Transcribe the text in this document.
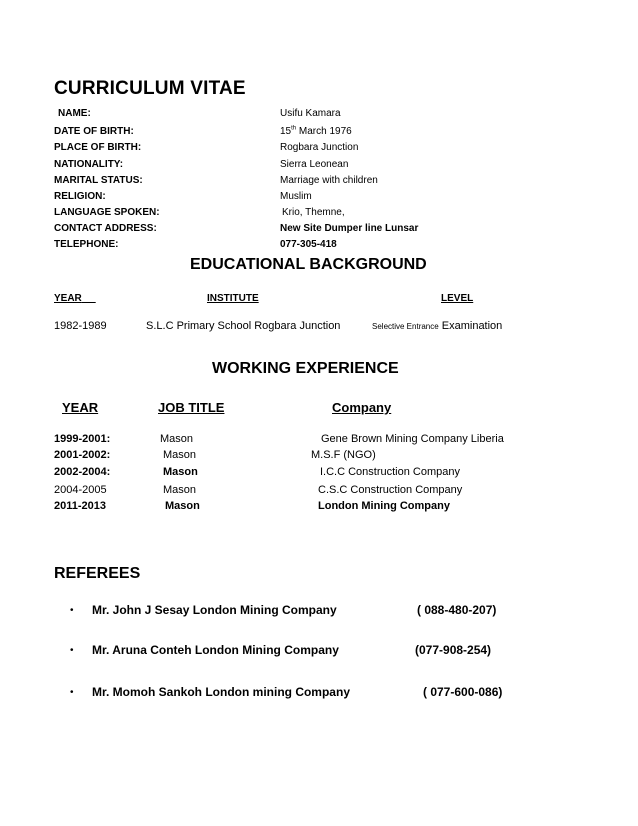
CURRICULUM VITAE
NAME:	Usifu Kamara
DATE OF BIRTH:	15th March 1976
PLACE OF BIRTH:	Rogbara Junction
NATIONALITY:	Sierra Leonean
MARITAL STATUS:	Marriage with children
RELIGION:	Muslim
LANGUAGE SPOKEN:	Krio, Themne,
CONTACT ADDRESS:	New Site Dumper line Lunsar
TELEPHONE:	077-305-418
EDUCATIONAL BACKGROUND
YEAR	INSTITUTE	LEVEL
1982-1989	S.L.C Primary School Rogbara Junction	Selective Entrance Examination
WORKING EXPERIENCE
YEAR	JOB TITLE	Company
1999-2001:	Mason	Gene Brown Mining Company Liberia
2001-2002:	Mason	M.S.F (NGO)
2002-2004:	Mason	I.C.C Construction Company
2004-2005	Mason	C.S.C Construction Company
2011-2013	Mason	London Mining Company
REFEREES
• Mr. John J Sesay London Mining Company	( 088-480-207)
• Mr. Aruna Conteh London Mining Company	(077-908-254)
• Mr. Momoh Sankoh London mining Company	( 077-600-086)
